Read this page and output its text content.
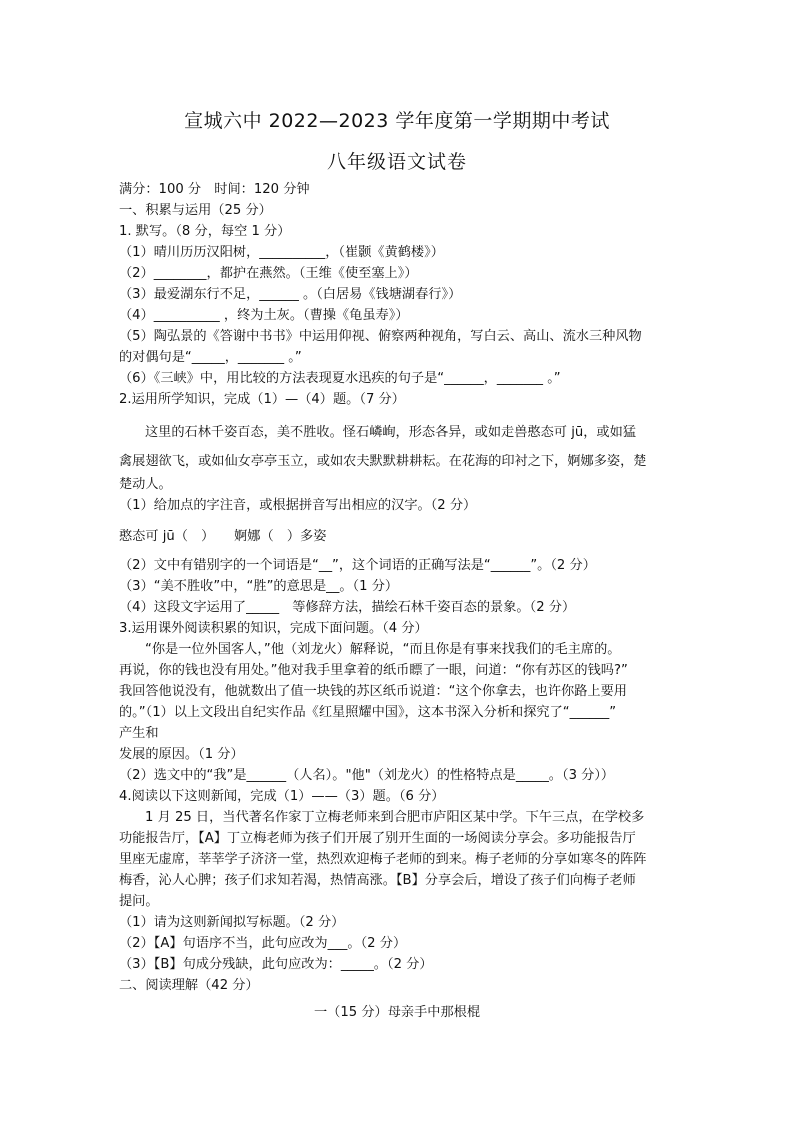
宣城六中 2022—2023 学年度第一学期期中考试
八年级语文试卷
满分：100 分　时间：120 分钟
一、积累与运用（25 分）
1. 默写。（8 分，每空 1 分）
（1）晴川历历汉阳树，__________，（崔颢《黄鹤楼》）
（2）________，都护在燕然。（王维《使至塞上》）
（3）最爱湖东行不足，______ 。（白居易《钱塘湖春行》）
（4）__________ ，终为土灰。（曹操《龟虽寿》）
（5）陶弘景的《答谢中书书》中运用仰视、俯察两种视角，写白云、高山、流水三种风物
的对偶句是“_____，_______ 。”
（6）《三峡》中，用比较的方法表现夏水迅疾的句子是“______，_______ 。”
2.运用所学知识，完成（1）—（4）题。（7 分）
这里的石林千姿百态，美不胜收。怪石嶙峋，形态各异，或如走兽憨态可 jū，或如猛
禽展翅欲飞，或如仙女亭亭玉立，或如农夫默默耕耕耘。在花海的印衬之下，婀娜多姿，楚
楚动人。
（1）给加点的字注音，或根据拼音写出相应的汉字。（2 分）
憨态可 jū（　）　　婀娜（　）多姿
（2）文中有错别字的一个词语是“__”，这个词语的正确写法是“______”。（2 分）
（3）“美不胜收”中，“胜”的意思是__。（1 分）
（4）这段文字运用了_____　等修辞方法，描绘石林千姿百态的景象。（2 分）
3.运用课外阅读积累的知识，完成下面问题。（4 分）
“你是一位外国客人，”他（刘龙火）解释说，“而且你是有事来找我们的毛主席的。
再说，你的钱也没有用处。”他对我手里拿着的纸币瞟了一眼，问道：“你有苏区的钱吗?”
我回答他说没有，他就数出了值一块钱的苏区纸币说道：“这个你拿去，也许你路上要用
的。”（1）以上文段出自纪实作品《红星照耀中国》，这本书深入分析和探究了“______”
产生和
发展的原因。（1 分）
（2）选文中的“我”是______（人名）。"他"（刘龙火）的性格特点是_____。（3 分））
4.阅读以下这则新闻，完成（1）——（3）题。（6 分）
1 月 25 日，当代著名作家丁立梅老师来到合肥市庐阳区某中学。下午三点，在学校多
功能报告厅，【A】丁立梅老师为孩子们开展了别开生面的一场阅读分享会。多功能报告厅
里座无虚席，莘莘学子济济一堂，热烈欢迎梅子老师的到来。梅子老师的分享如寒冬的阵阵
梅香，沁人心脾；孩子们求知若渴，热情高涨。【B】分享会后，增设了孩子们向梅子老师
提问。
（1）请为这则新闻拟写标题。（2 分）
（2）【A】句语序不当，此句应改为___。（2 分）
（3）【B】句成分残缺，此句应改为：_____。（2 分）
二、阅读理解（42 分）
一（15 分）母亲手中那根棍
